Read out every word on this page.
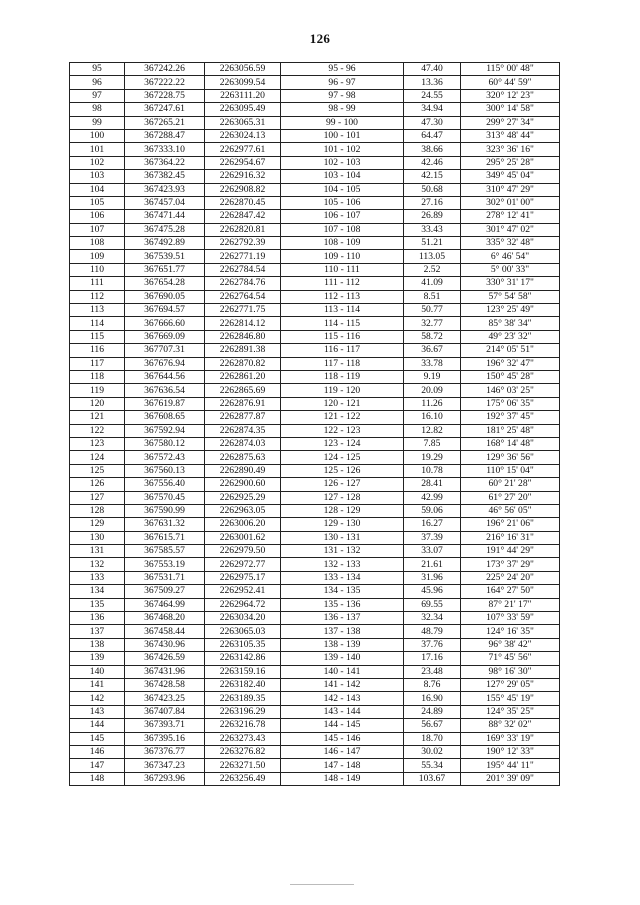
126
95	367242.26	2263056.59	95 - 96	47.40	115° 00' 48"
96	367222.22	2263099.54	96 - 97	13.36	60° 44' 59"
97	367228.75	2263111.20	97 - 98	24.55	320° 12' 23"
98	367247.61	2263095.49	98 - 99	34.94	300° 14' 58"
99	367265.21	2263065.31	99 - 100	47.30	299° 27' 34"
100	367288.47	2263024.13	100 - 101	64.47	313° 48' 44"
101	367333.10	2262977.61	101 - 102	38.66	323° 36' 16"
102	367364.22	2262954.67	102 - 103	42.46	295° 25' 28"
103	367382.45	2262916.32	103 - 104	42.15	349° 45' 04"
104	367423.93	2262908.82	104 - 105	50.68	310° 47' 29"
105	367457.04	2262870.45	105 - 106	27.16	302° 01' 00"
106	367471.44	2262847.42	106 - 107	26.89	278° 12' 41"
107	367475.28	2262820.81	107 - 108	33.43	301° 47' 02"
108	367492.89	2262792.39	108 - 109	51.21	335° 32' 48"
109	367539.51	2262771.19	109 - 110	113.05	6° 46' 54"
110	367651.77	2262784.54	110 - 111	2.52	5° 00' 33"
111	367654.28	2262784.76	111 - 112	41.09	330° 31' 17"
112	367690.05	2262764.54	112 - 113	8.51	57° 54' 58"
113	367694.57	2262771.75	113 - 114	50.77	123° 25' 49"
114	367666.60	2262814.12	114 - 115	32.77	85° 38' 34"
115	367669.09	2262846.80	115 - 116	58.72	49° 23' 32"
116	367707.31	2262891.38	116 - 117	36.67	214° 05' 51"
117	367676.94	2262870.82	117 - 118	33.78	196° 32' 47"
118	367644.56	2262861.20	118 - 119	9.19	150° 45' 28"
119	367636.54	2262865.69	119 - 120	20.09	146° 03' 25"
120	367619.87	2262876.91	120 - 121	11.26	175° 06' 35"
121	367608.65	2262877.87	121 - 122	16.10	192° 37' 45"
122	367592.94	2262874.35	122 - 123	12.82	181° 25' 48"
123	367580.12	2262874.03	123 - 124	7.85	168° 14' 48"
124	367572.43	2262875.63	124 - 125	19.29	129° 36' 56"
125	367560.13	2262890.49	125 - 126	10.78	110° 15' 04"
126	367556.40	2262900.60	126 - 127	28.41	60° 21' 28"
127	367570.45	2262925.29	127 - 128	42.99	61° 27' 20"
128	367590.99	2262963.05	128 - 129	59.06	46° 56' 05"
129	367631.32	2263006.20	129 - 130	16.27	196° 21' 06"
130	367615.71	2263001.62	130 - 131	37.39	216° 16' 31"
131	367585.57	2262979.50	131 - 132	33.07	191° 44' 29"
132	367553.19	2262972.77	132 - 133	21.61	173° 37' 29"
133	367531.71	2262975.17	133 - 134	31.96	225° 24' 20"
134	367509.27	2262952.41	134 - 135	45.96	164° 27' 50"
135	367464.99	2262964.72	135 - 136	69.55	87° 21' 17"
136	367468.20	2263034.20	136 - 137	32.34	107° 33' 59"
137	367458.44	2263065.03	137 - 138	48.79	124° 16' 35"
138	367430.96	2263105.35	138 - 139	37.76	96° 38' 42"
139	367426.59	2263142.86	139 - 140	17.16	71° 45' 56"
140	367431.96	2263159.16	140 - 141	23.48	98° 16' 30"
141	367428.58	2263182.40	141 - 142	8.76	127° 29' 05"
142	367423.25	2263189.35	142 - 143	16.90	155° 45' 19"
143	367407.84	2263196.29	143 - 144	24.89	124° 35' 25"
144	367393.71	2263216.78	144 - 145	56.67	88° 32' 02"
145	367395.16	2263273.43	145 - 146	18.70	169° 33' 19"
146	367376.77	2263276.82	146 - 147	30.02	190° 12' 33"
147	367347.23	2263271.50	147 - 148	55.34	195° 44' 11"
148	367293.96	2263256.49	148 - 149	103.67	201° 39' 09"
